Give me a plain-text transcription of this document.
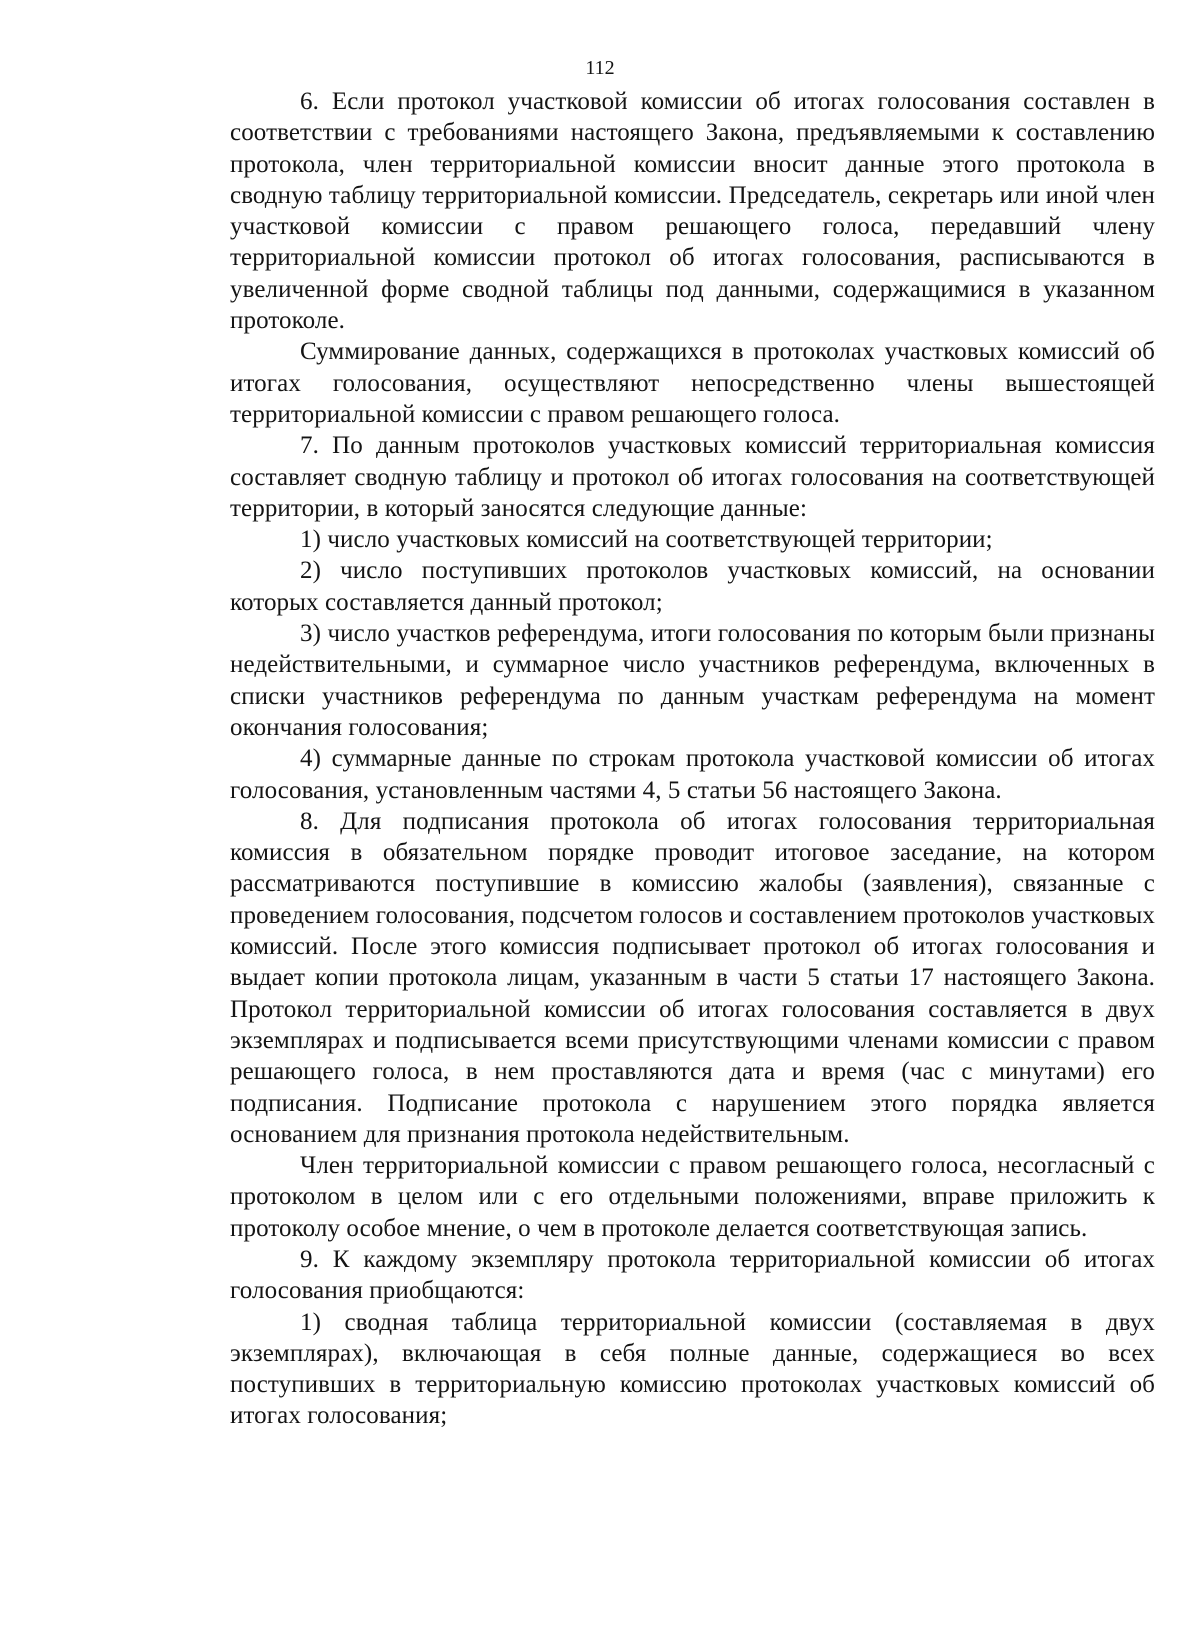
112

6. Если протокол участковой комиссии об итогах голосования составлен в соответствии с требованиями настоящего Закона, предъявляемыми к составлению протокола, член территориальной комиссии вносит данные этого протокола в сводную таблицу территориальной комиссии. Председатель, секретарь или иной член участковой комиссии с правом решающего голоса, передавший члену территориальной комиссии протокол об итогах голосования, расписываются в увеличенной форме сводной таблицы под данными, содержащимися в указанном протоколе.

Суммирование данных, содержащихся в протоколах участковых комиссий об итогах голосования, осуществляют непосредственно члены вышестоящей территориальной комиссии с правом решающего голоса.

7. По данным протоколов участковых комиссий территориальная комиссия составляет сводную таблицу и протокол об итогах голосования на соответствующей территории, в который заносятся следующие данные:

1) число участковых комиссий на соответствующей территории;

2) число поступивших протоколов участковых комиссий, на основании которых составляется данный протокол;

3) число участков референдума, итоги голосования по которым были признаны недействительными, и суммарное число участников референдума, включенных в списки участников референдума по данным участкам референдума на момент окончания голосования;

4) суммарные данные по строкам протокола участковой комиссии об итогах голосования, установленным частями 4, 5 статьи 56 настоящего Закона.

8. Для подписания протокола об итогах голосования территориальная комиссия в обязательном порядке проводит итоговое заседание, на котором рассматриваются поступившие в комиссию жалобы (заявления), связанные с проведением голосования, подсчетом голосов и составлением протоколов участковых комиссий. После этого комиссия подписывает протокол об итогах голосования и выдает копии протокола лицам, указанным в части 5 статьи 17 настоящего Закона. Протокол территориальной комиссии об итогах голосования составляется в двух экземплярах и подписывается всеми присутствующими членами комиссии с правом решающего голоса, в нем проставляются дата и время (час с минутами) его подписания. Подписание протокола с нарушением этого порядка является основанием для признания протокола недействительным.

Член территориальной комиссии с правом решающего голоса, несогласный с протоколом в целом или с его отдельными положениями, вправе приложить к протоколу особое мнение, о чем в протоколе делается соответствующая запись.

9. К каждому экземпляру протокола территориальной комиссии об итогах голосования приобщаются:

1) сводная таблица территориальной комиссии (составляемая в двух экземплярах), включающая в себя полные данные, содержащиеся во всех поступивших в территориальную комиссию протоколах участковых комиссий об итогах голосования;
